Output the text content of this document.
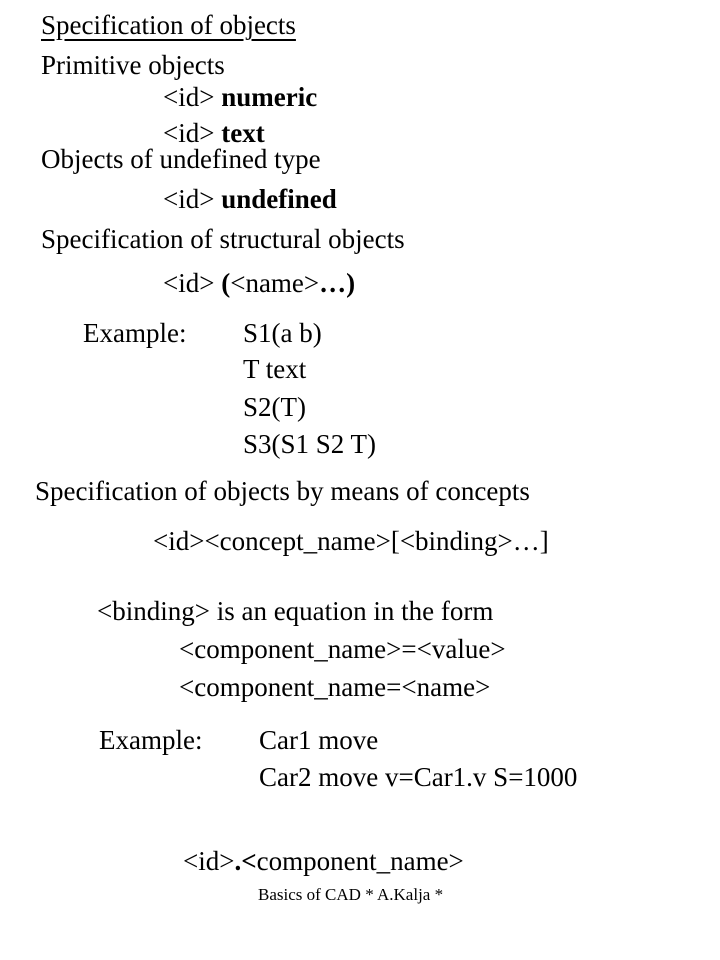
Specification of objects
Primitive objects
<id> numeric
<id> text
Objects of undefined type
<id> undefined
Specification of structural objects
<id> (<name>…)
Example: S1(a b)
T text
S2(T)
S3(S1 S2 T)
Specification of objects by means of concepts
<id><concept_name>[<binding>…]
<binding> is an equation in the form
<component_name>=<value>
<component_name=<name>
Example: Car1 move
Car2 move v=Car1.v S=1000
<id>.<component_name>
Basics of CAD * A.Kalja *
